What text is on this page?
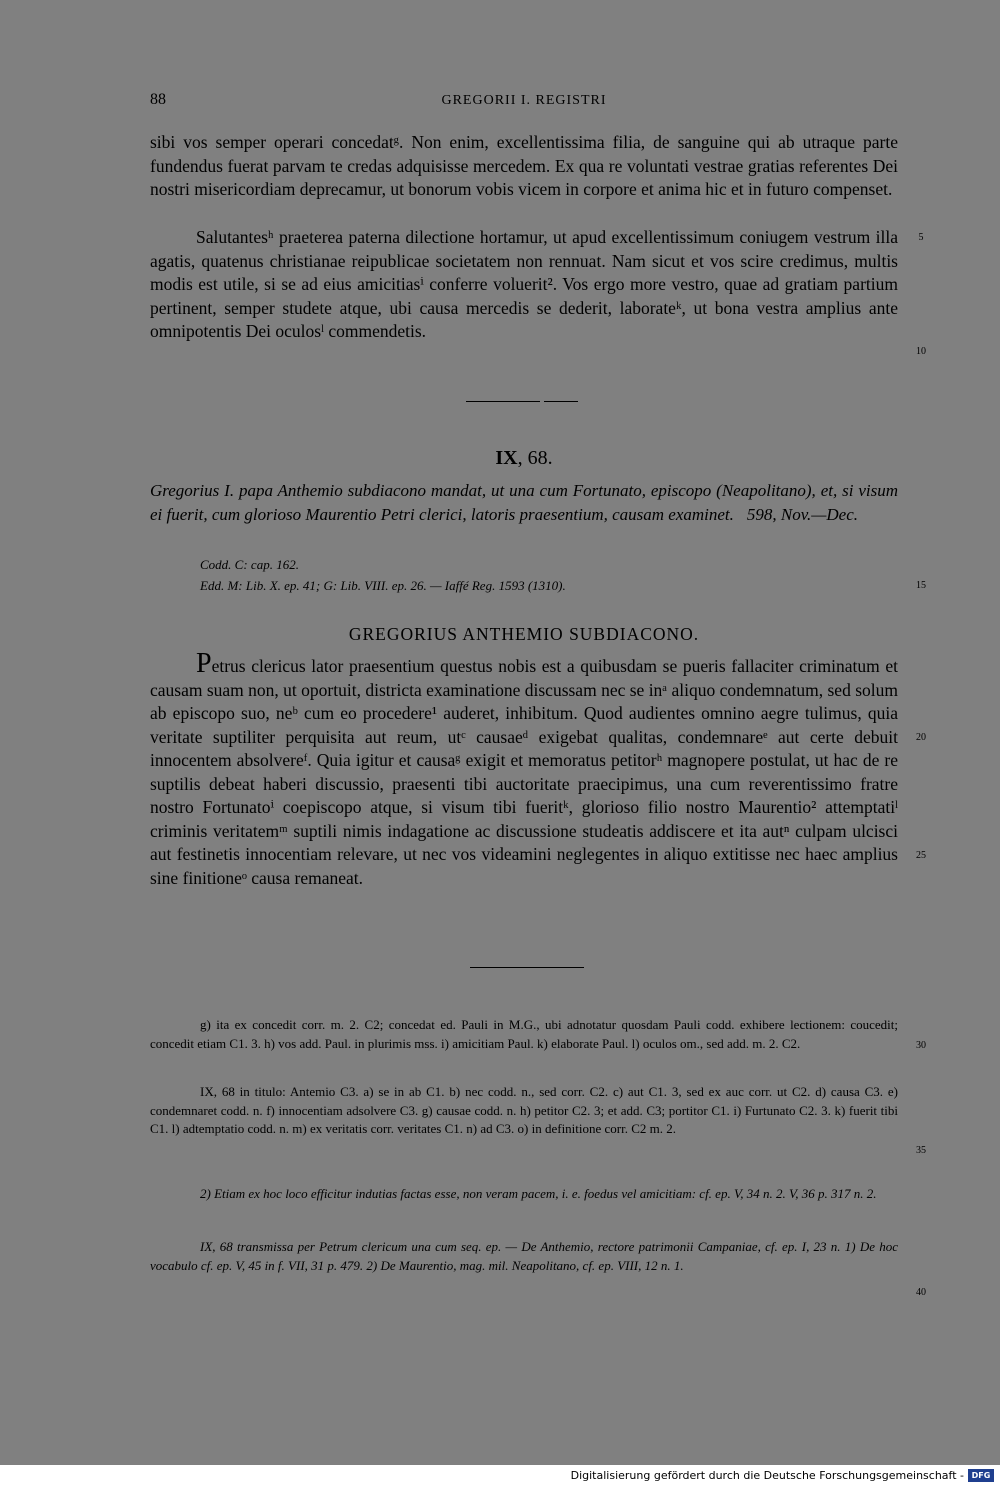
88	GREGORII I. REGISTRI

sibi vos semper operari concedatᵍ. Non enim, excellentissima filia, de sanguine qui ab utraque parte fundendus fuerat parvam te credas adquisisse mercedem. Ex qua re voluntati vestrae gratias referentes Dei nostri misericordiam deprecamur, ut bonorum vobis vicem in corpore et anima hic et in futuro compenset.

Salutantesʰ praeterea paterna dilectione hortamur, ut apud excellentissimum coniugem vestrum illa agatis, quatenus christianae reipublicae societatem non rennuat. Nam sicut et vos scire credimus, multis modis est utile, si se ad eius amicitiasⁱ conferre voluerit². Vos ergo more vestro, quae ad gratiam partium pertinent, semper studete atque, ubi causa mercedis se dederit, laborateᵏ, ut bona vestra amplius ante omnipotentis Dei oculosˡ commendetis.

5
10
15
20
25
30
35
40
IX, 68.
Gregorius I. papa Anthemio subdiacono mandat, ut una cum Fortunato, episcopo (Neapolitano), et, si visum ei fuerit, cum glorioso Maurentio Petri clerici, latoris praesentium, causam examinet. 598, Nov.—Dec.
Codd. C: cap. 162.
Edd. M: Lib. X. ep. 41; G: Lib. VIII. ep. 26. — Iaffé Reg. 1593 (1310).
GREGORIUS ANTHEMIO SUBDIACONO.

Petrus clericus lator praesentium questus nobis est a quibusdam se pueris fallaciter criminatum et causam suam non, ut oportuit, districta examinatione discussam nec se inᵃ aliquo condemnatum, sed solum ab episcopo suo, neᵇ cum eo procedere¹ auderet, inhibitum. Quod audientes omnino aegre tulimus, quia veritate suptiliter perquisita aut reum, utᶜ causaeᵈ exigebat qualitas, condemnareᵉ aut certe debuit innocentem absolvereᶠ. Quia igitur et causaᵍ exigit et memoratus petitorʰ magnopere postulat, ut hac de re suptilis debeat haberi discussio, praesenti tibi auctoritate praecipimus, una cum reverentissimo fratre nostro Fortunatoⁱ coepiscopo atque, si visum tibi fueritᵏ, glorioso filio nostro Maurentio² attemptatiˡ criminis veritatemᵐ suptili nimis indagatione ac discussione studeatis addiscere et ita autⁿ culpam ulcisci aut festinetis innocentiam relevare, ut nec vos videamini neglegentes in aliquo extitisse nec haec amplius sine finitioneᵒ causa remaneat.

g) ita ex concedit corr. m. 2. C2; concedat ed. Pauli in M.G., ubi adnotatur quosdam Pauli codd. exhibere lectionem: coucedit; concedit etiam C1. 3. h) vos add. Paul. in plurimis mss. i) amicitiam Paul. k) elaborate Paul. l) oculos om., sed add. m. 2. C2.

IX, 68 in titulo: Antemio C3. a) se in ab C1. b) nec codd. n., sed corr. C2. c) aut C1. 3, sed ex auc corr. ut C2. d) causa C3. e) condemnaret codd. n. f) innocentiam adsolvere C3. g) causae codd. n. h) petitor C2. 3; et add. C3; portitor C1. i) Furtunato C2. 3. k) fuerit tibi C1. l) adtemptatio codd. n. m) ex veritatis corr. veritates C1. n) ad C3. o) in definitione corr. C2 m. 2.

2) Etiam ex hoc loco efficitur indutias factas esse, non veram pacem, i. e. foedus vel amicitiam: cf. ep. V, 34 n. 2. V, 36 p. 317 n. 2.

IX, 68 transmissa per Petrum clericum una cum seq. ep. — De Anthemio, rectore patrimonii Campaniae, cf. ep. I, 23 n. 1) De hoc vocabulo cf. ep. V, 45 in f. VII, 31 p. 479. 2) De Maurentio, mag. mil. Neapolitano, cf. ep. VIII, 12 n. 1.

Digitalisierung gefördert durch die Deutsche Forschungsgemeinschaft - DFG
